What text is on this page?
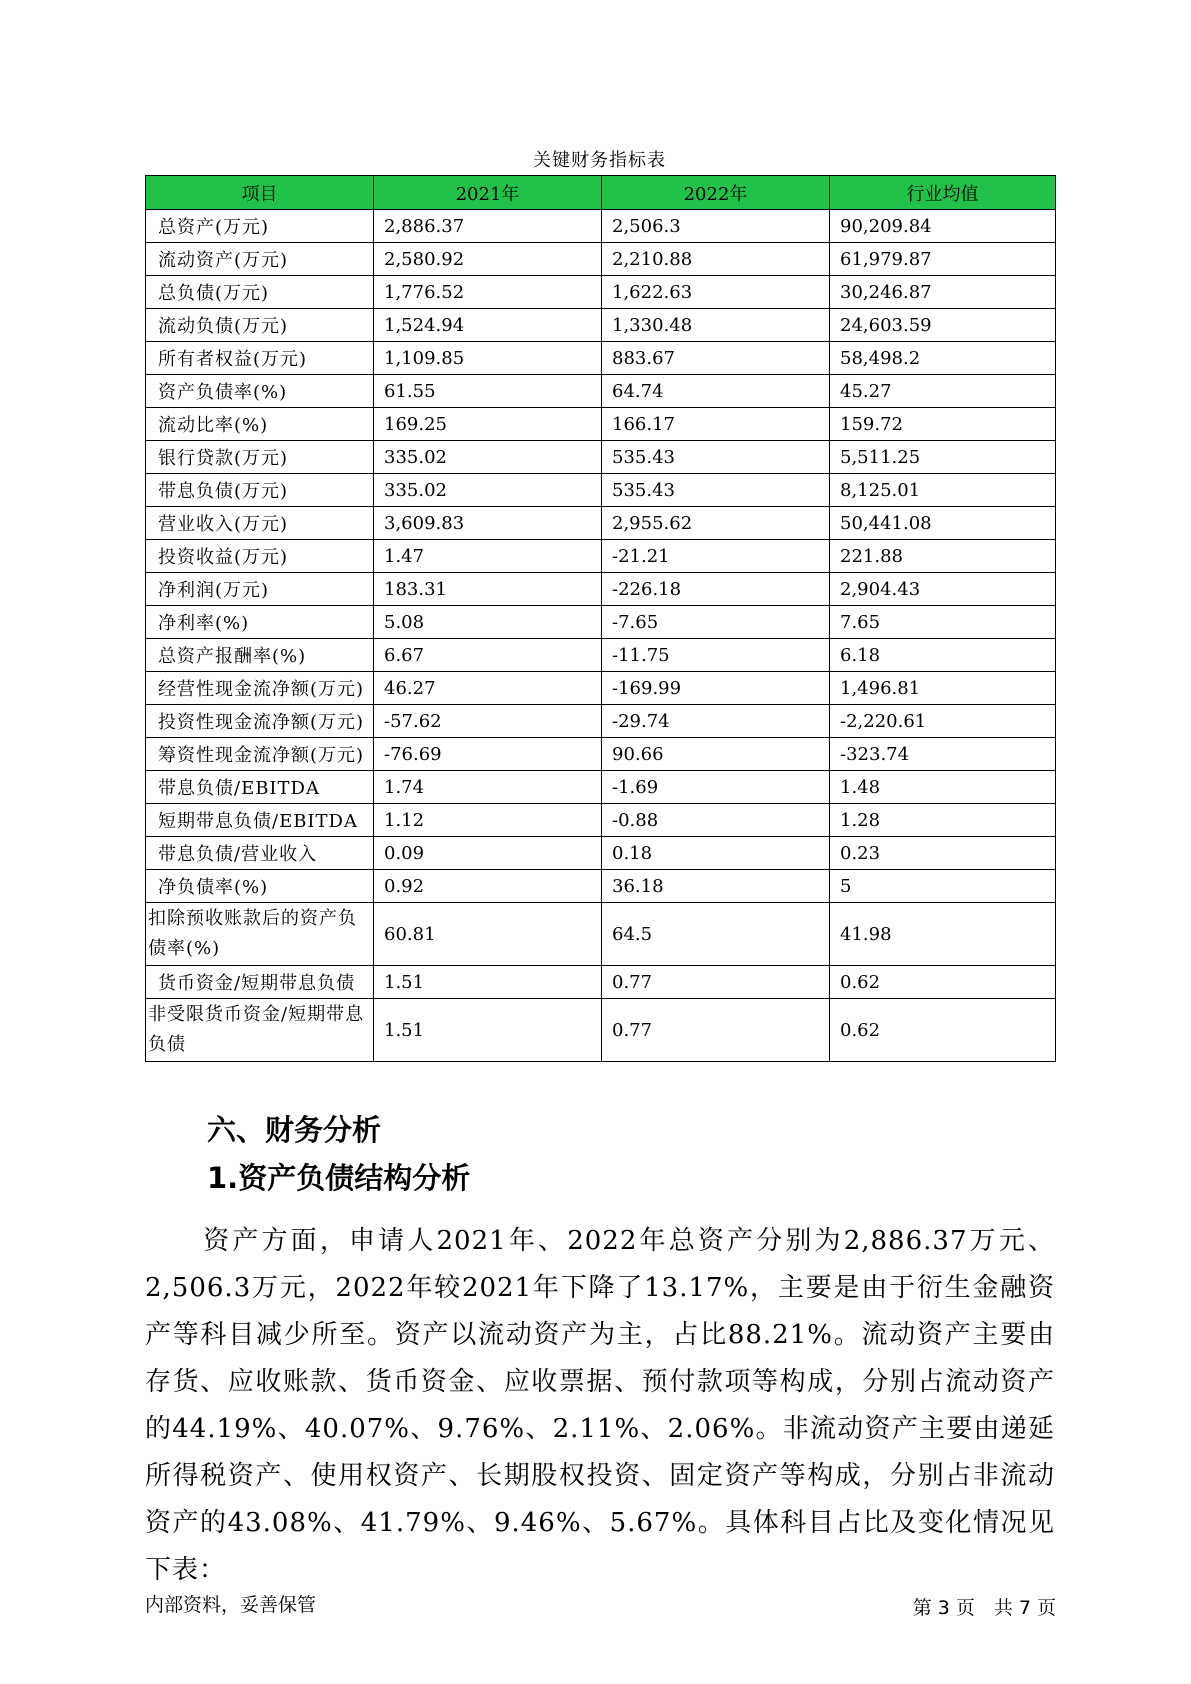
关键财务指标表
项目	2021年	2022年	行业均值
总资产(万元)	2,886.37	2,506.3	90,209.84
流动资产(万元)	2,580.92	2,210.88	61,979.87
总负债(万元)	1,776.52	1,622.63	30,246.87
流动负债(万元)	1,524.94	1,330.48	24,603.59
所有者权益(万元)	1,109.85	883.67	58,498.2
资产负债率(%)	61.55	64.74	45.27
流动比率(%)	169.25	166.17	159.72
银行贷款(万元)	335.02	535.43	5,511.25
带息负债(万元)	335.02	535.43	8,125.01
营业收入(万元)	3,609.83	2,955.62	50,441.08
投资收益(万元)	1.47	-21.21	221.88
净利润(万元)	183.31	-226.18	2,904.43
净利率(%)	5.08	-7.65	7.65
总资产报酬率(%)	6.67	-11.75	6.18
经营性现金流净额(万元)	46.27	-169.99	1,496.81
投资性现金流净额(万元)	-57.62	-29.74	-2,220.61
筹资性现金流净额(万元)	-76.69	90.66	-323.74
带息负债/EBITDA	1.74	-1.69	1.48
短期带息负债/EBITDA	1.12	-0.88	1.28
带息负债/营业收入	0.09	0.18	0.23
净负债率(%)	0.92	36.18	5
扣除预收账款后的资产负债率(%)	60.81	64.5	41.98
货币资金/短期带息负债	1.51	0.77	0.62
非受限货币资金/短期带息负债	1.51	0.77	0.62
六、财务分析
1.资产负债结构分析

资产方面，申请人2021年、2022年总资产分别为2,886.37万元、2,506.3万元，2022年较2021年下降了13.17%，主要是由于衍生金融资产等科目减少所至。资产以流动资产为主，占比88.21%。流动资产主要由存货、应收账款、货币资金、应收票据、预付款项等构成，分别占流动资产的44.19%、40.07%、9.76%、2.11%、2.06%。非流动资产主要由递延所得税资产、使用权资产、长期股权投资、固定资产等构成，分别占非流动资产的43.08%、41.79%、9.46%、5.67%。具体科目占比及变化情况见下表：

内部资料，妥善保管	第 3 页　共 7 页
